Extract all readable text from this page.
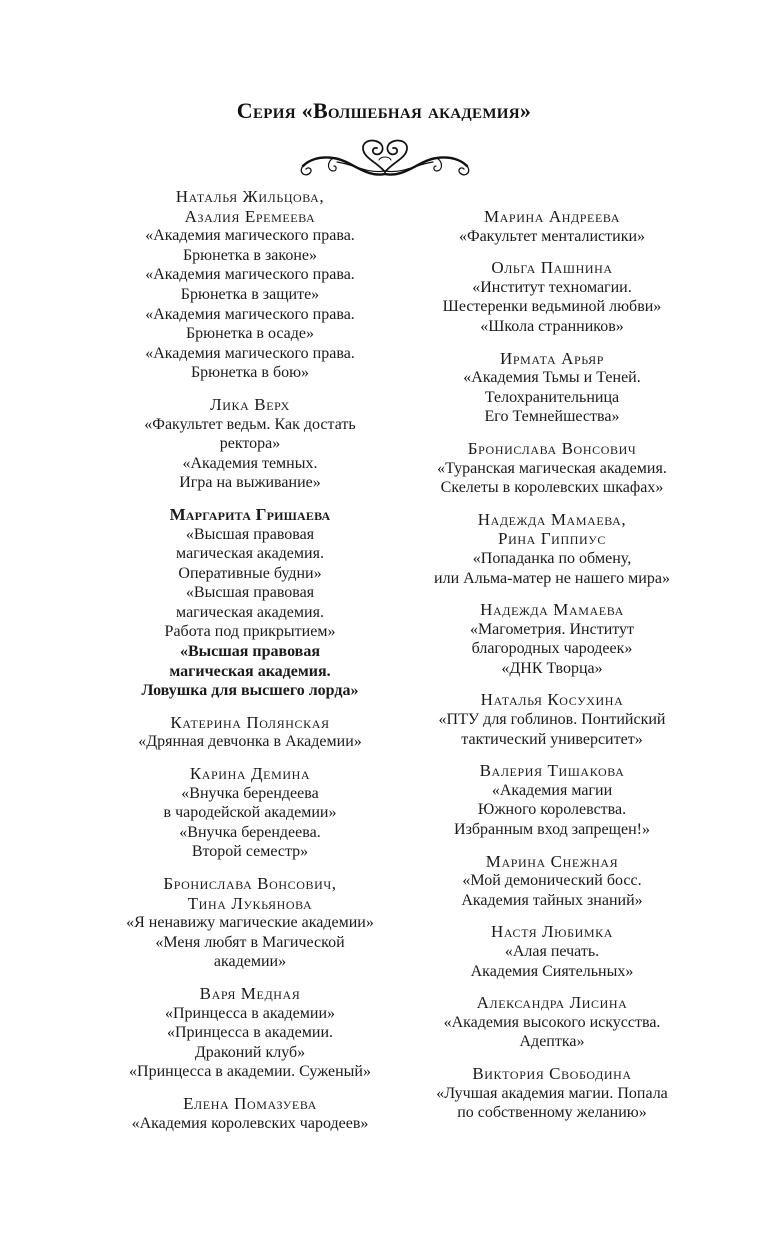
Серия «Волшебная академия»
Наталья Жильцова,
Азалия Еремеева
«Академия магического права.
Брюнетка в законе»
«Академия магического права.
Брюнетка в защите»
«Академия магического права.
Брюнетка в осаде»
«Академия магического права.
Брюнетка в бою»
Лика Верх
«Факультет ведьм. Как достать
ректора»
«Академия темных.
Игра на выживание»
Маргарита Гришаева
«Высшая правовая
магическая академия.
Оперативные будни»
«Высшая правовая
магическая академия.
Работа под прикрытием»
«Высшая правовая
магическая академия.
Ловушка для высшего лорда»
Катерина Полянская
«Дрянная девчонка в Академии»
Карина Демина
«Внучка берендеева
в чародейской академии»
«Внучка берендеева.
Второй семестр»
Бронислава Вонсович,
Тина Лукьянова
«Я ненавижу магические академии»
«Меня любят в Магической
академии»
Варя Медная
«Принцесса в академии»
«Принцесса в академии.
Драконий клуб»
«Принцесса в академии. Суженый»
Елена Помазуева
«Академия королевских чародеев»
Марина Андреева
«Факультет менталистики»
Ольга Пашнина
«Институт техномагии.
Шестеренки ведьминой любви»
«Школа странников»
Ирмата Арьяр
«Академия Тьмы и Теней.
Телохранительница
Его Темнейшества»
Бронислава Вонсович
«Туранская магическая академия.
Скелеты в королевских шкафах»
Надежда Мамаева,
Рина Гиппиус
«Попаданка по обмену,
или Альма-матер не нашего мира»
Надежда Мамаева
«Магометрия. Институт
благородных чародеек»
«ДНК Творца»
Наталья Косухина
«ПТУ для гоблинов. Понтийский
тактический университет»
Валерия Тишакова
«Академия магии
Южного королевства.
Избранным вход запрещен!»
Марина Снежная
«Мой демонический босс.
Академия тайных знаний»
Настя Любимка
«Алая печать.
Академия Сиятельных»
Александра Лисина
«Академия высокого искусства.
Адептка»
Виктория Свободина
«Лучшая академия магии. Попала
по собственному желанию»
